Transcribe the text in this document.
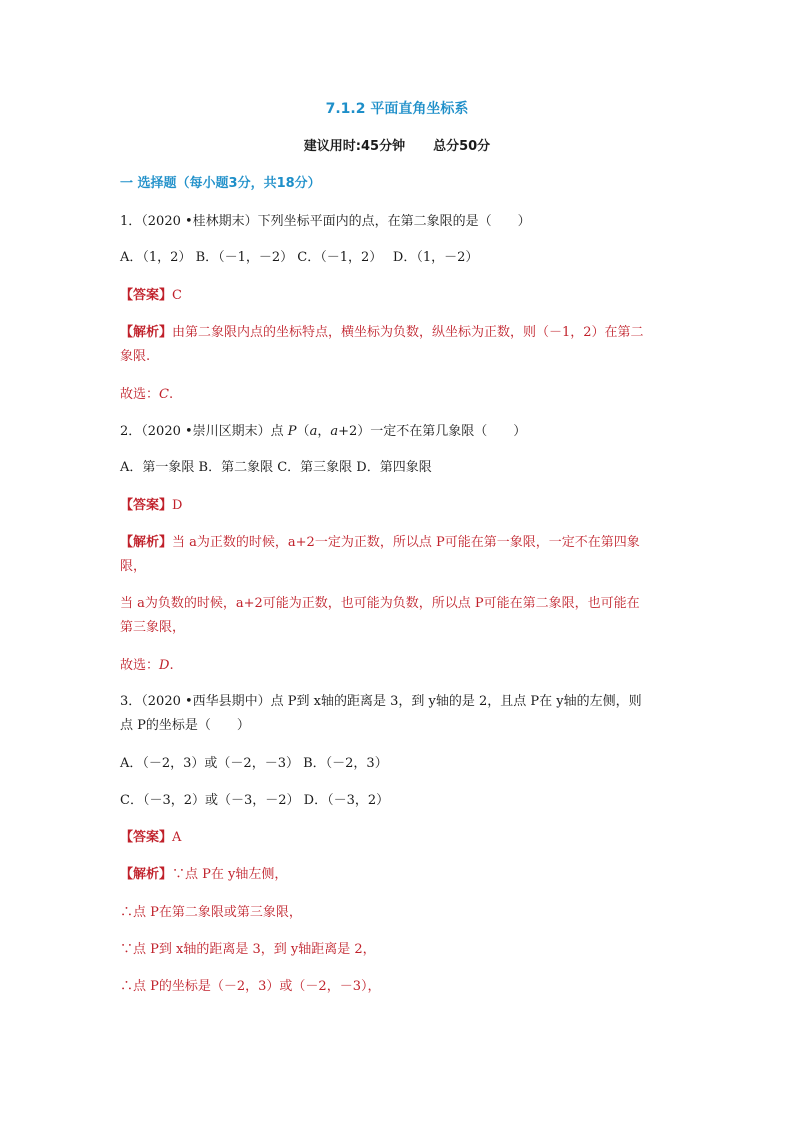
7.1.2 平面直角坐标系
建议用时:45分钟 总分50分
一 选择题（每小题3分，共18分）
1．（2020 •桂林期末）下列坐标平面内的点，在第二象限的是（　　）
A．（1，2） B．（－1，－2） C．（－1，2）　 D．（1，－2）
【答案】C
【解析】由第二象限内点的坐标特点，横坐标为负数，纵坐标为正数，则（－1，2）在第二
象限.
故选：C.
2．（2020 •崇川区期末）点 P（a，a+2）一定不在第几象限（　　）
A．第一象限 B．第二象限 C．第三象限 D．第四象限
【答案】D
【解析】当 a为正数的时候，a+2一定为正数，所以点 P可能在第一象限，一定不在第四象
限，
当 a为负数的时候，a+2可能为正数，也可能为负数，所以点 P可能在第二象限，也可能在
第三象限，
故选：D.
3．（2020 •西华县期中）点 P到 x轴的距离是 3，到 y轴的是 2，且点 P在 y轴的左侧，则
点 P的坐标是（　　）
A．（－2，3）或（－2，－3） B．（－2，3）
C．（－3，2）或（－3，－2） D．（－3，2）
【答案】A
【解析】∵点 P在 y轴左侧，
∴点 P在第二象限或第三象限，
∵点 P到 x轴的距离是 3，到 y轴距离是 2，
∴点 P的坐标是（－2，3）或（－2，－3），
